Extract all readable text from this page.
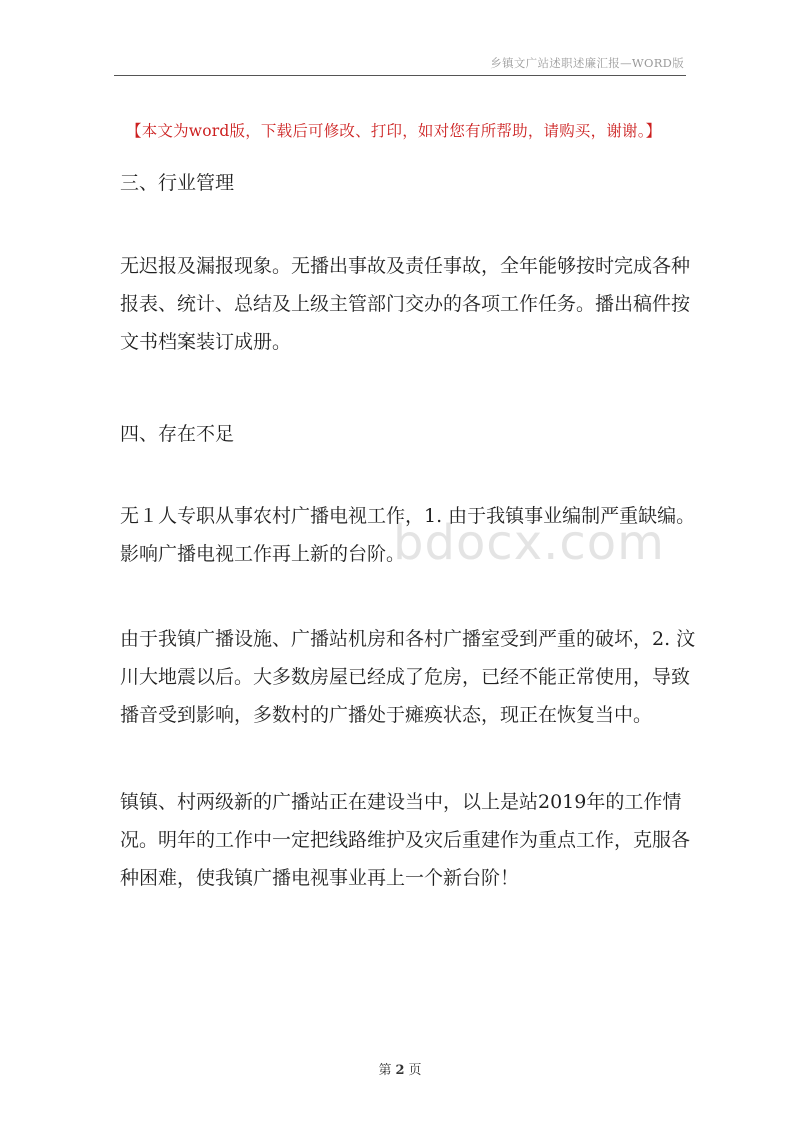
乡镇文广站述职述廉汇报—WORD版
【本文为word版，下载后可修改、打印，如对您有所帮助，请购买，谢谢。】
三、行业管理
无迟报及漏报现象。无播出事故及责任事故，全年能够按时完成各种报表、统计、总结及上级主管部门交办的各项工作任务。播出稿件按文书档案装订成册。
四、存在不足
bdocx.com
无１人专职从事农村广播电视工作，1. 由于我镇事业编制严重缺编。影响广播电视工作再上新的台阶。
由于我镇广播设施、广播站机房和各村广播室受到严重的破坏，2. 汶川大地震以后。大多数房屋已经成了危房，已经不能正常使用，导致播音受到影响，多数村的广播处于瘫痪状态，现正在恢复当中。
镇镇、村两级新的广播站正在建设当中，以上是站2019年的工作情况。明年的工作中一定把线路维护及灾后重建作为重点工作，克服各种困难，使我镇广播电视事业再上一个新台阶！
第 2 页
